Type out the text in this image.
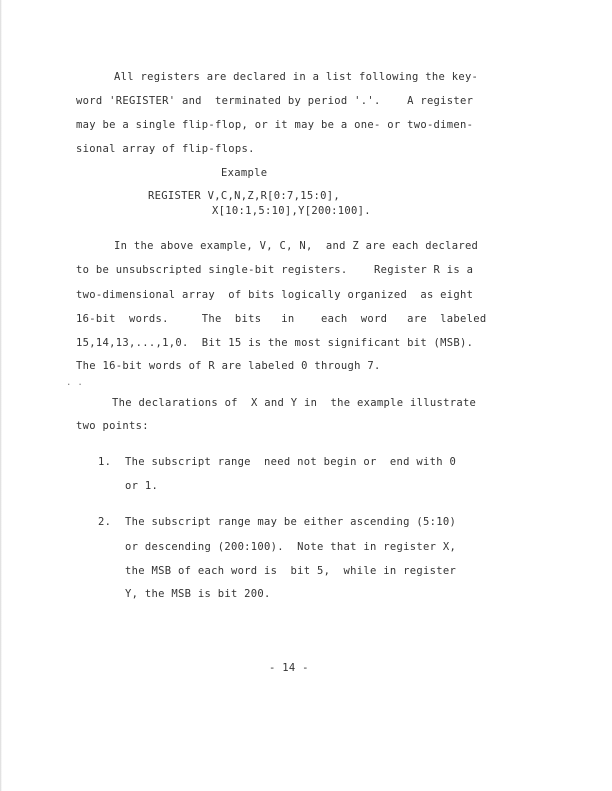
All registers are declared in a list following the key-
word 'REGISTER' and  terminated by period '.'.    A register
may be a single flip-flop, or it may be a one- or two-dimen-
sional array of flip-flops.
Example
REGISTER V,C,N,Z,R[0:7,15:0],
X[10:1,5:10],Y[200:100].
In the above example, V, C, N,  and Z are each declared
to be unsubscripted single-bit registers.    Register R is a
two-dimensional array  of bits logically organized  as eight
16-bit  words.     The  bits   in    each  word   are  labeled
15,14,13,...,1,0.  Bit 15 is the most significant bit (MSB).
The 16-bit words of R are labeled 0 through 7.
. .
The declarations of  X and Y in  the example illustrate
two points:
1. The subscript range  need not begin or  end with 0
or 1.
2. The subscript range may be either ascending (5:10)
or descending (200:100).  Note that in register X,
the MSB of each word is  bit 5,  while in register
Y, the MSB is bit 200.
- 14 -
